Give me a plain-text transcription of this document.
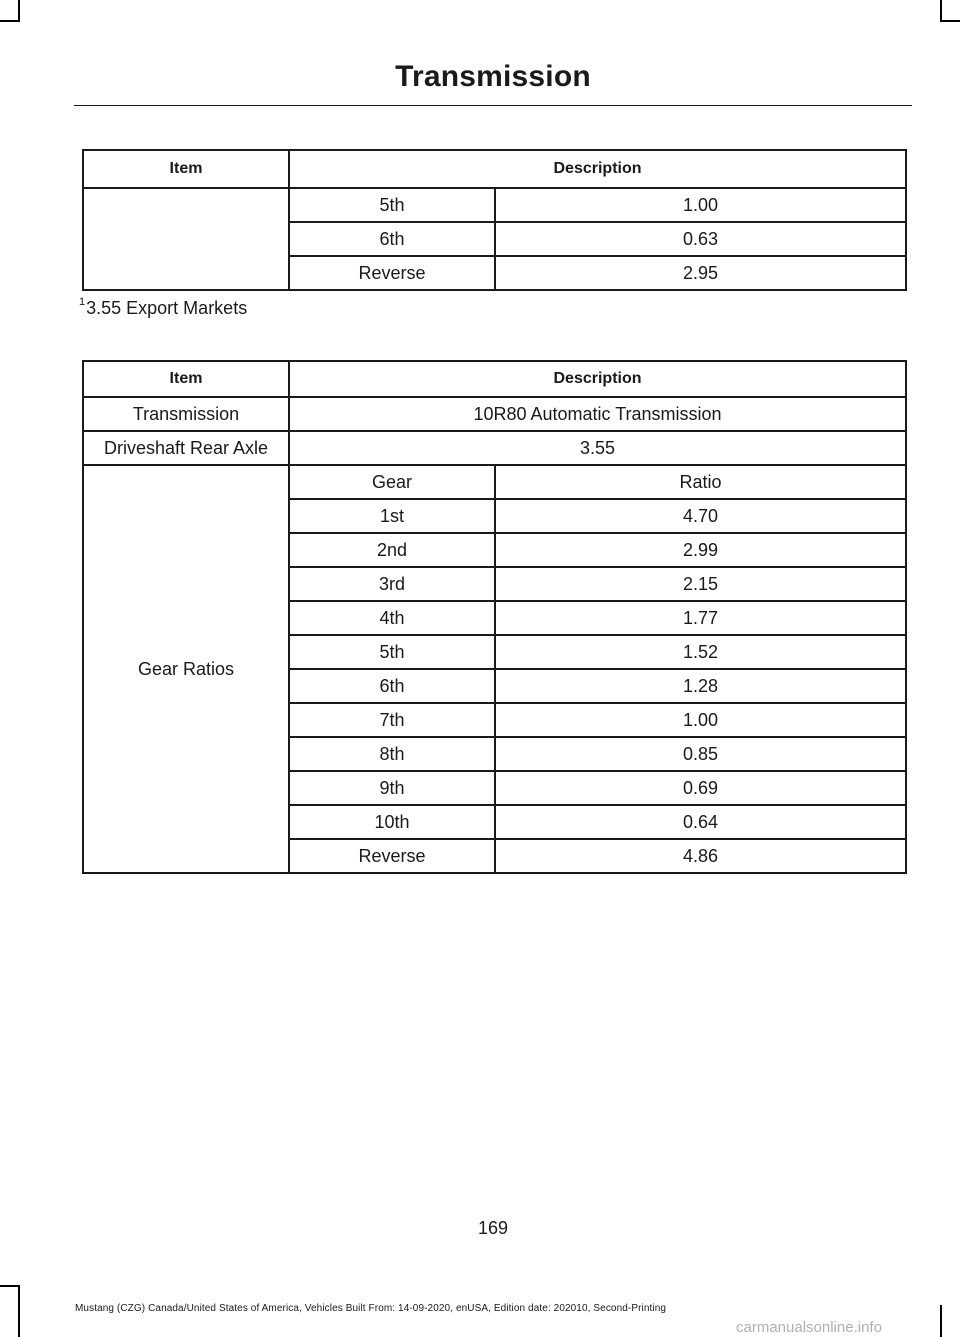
Transmission
Item	Description	
	5th	1.00
	6th	0.63
	Reverse	2.95
$^1$3.55 Export Markets
Item	Description	
Transmission	10R80 Automatic Transmission	
Driveshaft Rear Axle	3.55	
Gear Ratios	Gear	Ratio
	1st	4.70
	2nd	2.99
	3rd	2.15
	4th	1.77
	5th	1.52
	6th	1.28
	7th	1.00
	8th	0.85
	9th	0.69
	10th	0.64
	Reverse	4.86
169
Mustang (CZG) Canada/United States of America, Vehicles Built From: 14-09-2020, enUSA, Edition date: 202010, Second-Printing
carmanualsonline.info
